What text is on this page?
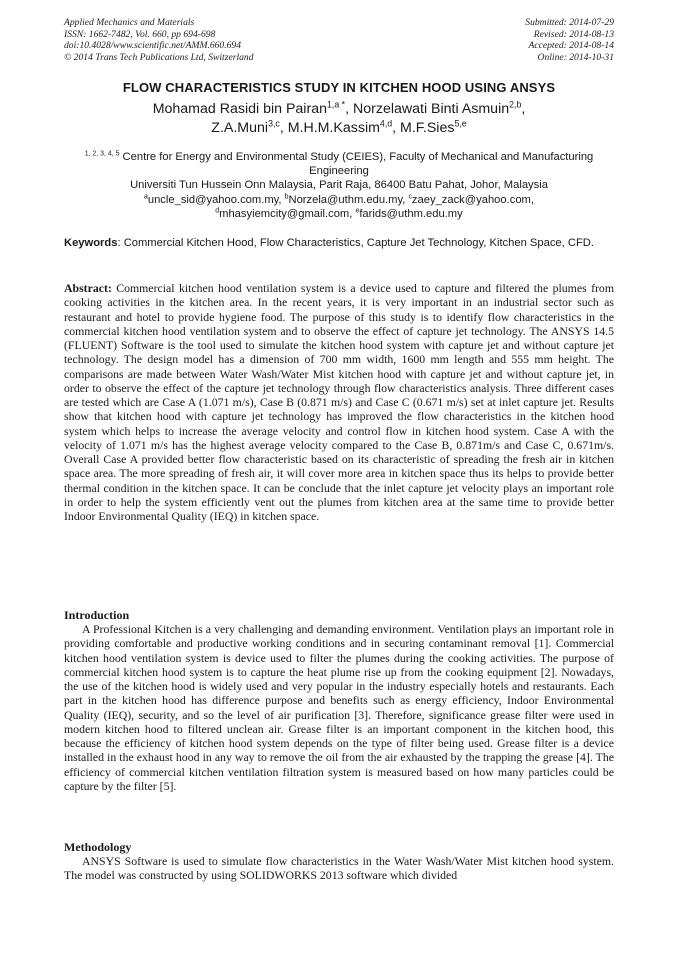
Applied Mechanics and Materials
ISSN: 1662-7482, Vol. 660, pp 694-698
doi:10.4028/www.scientific.net/AMM.660.694
© 2014 Trans Tech Publications Ltd, Switzerland
Submitted: 2014-07-29
Revised: 2014-08-13
Accepted: 2014-08-14
Online: 2014-10-31
FLOW CHARACTERISTICS STUDY IN KITCHEN HOOD USING ANSYS
Mohamad Rasidi bin Pairan$^{1,a *}$, Norzelawati Binti Asmuin$^{2,b}$,
Z.A.Muni$^{3,c}$, M.H.M.Kassim$^{4,d}$, M.F.Sies$^{5,e}$
$^{1, 2, 3, 4, 5}$ Centre for Energy and Environmental Study (CEIES), Faculty of Mechanical and Manufacturing Engineering
Universiti Tun Hussein Onn Malaysia, Parit Raja, 86400 Batu Pahat, Johor, Malaysia
$^a$uncle_sid@yahoo.com.my, $^b$Norzela@uthm.edu.my, $^c$zaey_zack@yahoo.com,
$^d$mhasyiemcity@gmail.com, $^e$farids@uthm.edu.my
Keywords: Commercial Kitchen Hood, Flow Characteristics, Capture Jet Technology, Kitchen Space, CFD.
Abstract: Commercial kitchen hood ventilation system is a device used to capture and filtered the plumes from cooking activities in the kitchen area. In the recent years, it is very important in an industrial sector such as restaurant and hotel to provide hygiene food. The purpose of this study is to identify flow characteristics in the commercial kitchen hood ventilation system and to observe the effect of capture jet technology. The ANSYS 14.5 (FLUENT) Software is the tool used to simulate the kitchen hood system with capture jet and without capture jet technology. The design model has a dimension of 700 mm width, 1600 mm length and 555 mm height. The comparisons are made between Water Wash/Water Mist kitchen hood with capture jet and without capture jet, in order to observe the effect of the capture jet technology through flow characteristics analysis. Three different cases are tested which are Case A (1.071 m/s), Case B (0.871 m/s) and Case C (0.671 m/s) set at inlet capture jet. Results show that kitchen hood with capture jet technology has improved the flow characteristics in the kitchen hood system which helps to increase the average velocity and control flow in kitchen hood system. Case A with the velocity of 1.071 m/s has the highest average velocity compared to the Case B, 0.871m/s and Case C, 0.671m/s. Overall Case A provided better flow characteristic based on its characteristic of spreading the fresh air in kitchen space area. The more spreading of fresh air, it will cover more area in kitchen space thus its helps to provide better thermal condition in the kitchen space. It can be conclude that the inlet capture jet velocity plays an important role in order to help the system efficiently vent out the plumes from kitchen area at the same time to provide better Indoor Environmental Quality (IEQ) in kitchen space.
Introduction
A Professional Kitchen is a very challenging and demanding environment. Ventilation plays an important role in providing comfortable and productive working conditions and in securing contaminant removal [1]. Commercial kitchen hood ventilation system is device used to filter the plumes during the cooking activities. The purpose of commercial kitchen hood system is to capture the heat plume rise up from the cooking equipment [2]. Nowadays, the use of the kitchen hood is widely used and very popular in the industry especially hotels and restaurants. Each part in the kitchen hood has difference purpose and benefits such as energy efficiency, Indoor Environmental Quality (IEQ), security, and so the level of air purification [3]. Therefore, significance grease filter were used in modern kitchen hood to filtered unclean air. Grease filter is an important component in the kitchen hood, this because the efficiency of kitchen hood system depends on the type of filter being used. Grease filter is a device installed in the exhaust hood in any way to remove the oil from the air exhausted by the trapping the grease [4]. The efficiency of commercial kitchen ventilation filtration system is measured based on how many particles could be capture by the filter [5].
Methodology
ANSYS Software is used to simulate flow characteristics in the Water Wash/Water Mist kitchen hood system. The model was constructed by using SOLIDWORKS 2013 software which divided
